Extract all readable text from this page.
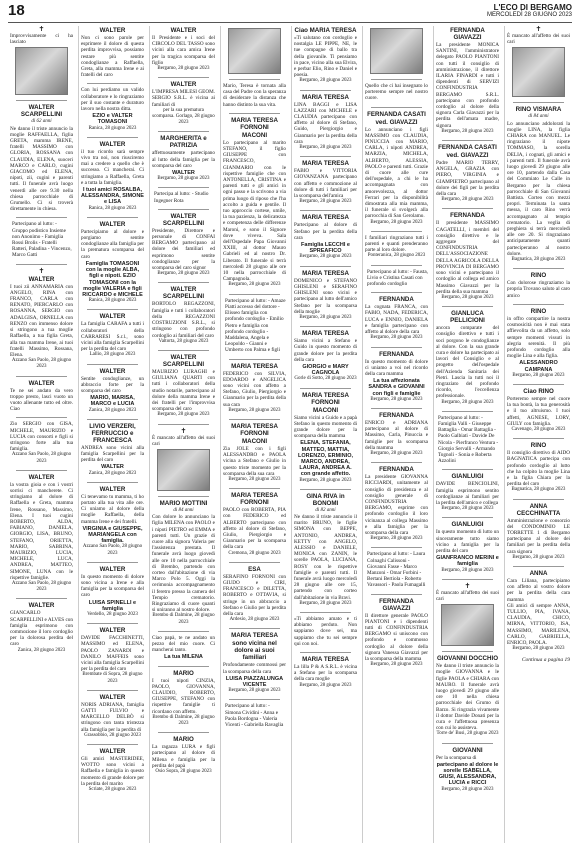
18	L'ECO DI BERGAMO
MERCOLEDÌ 28 GIUGNO 2023
✝
Improvvisamente ci ha lasciato
WALTER SCARPELLINI
di 62 anni
Ne danno il triste annuncio la moglie RAFFAELLA, figlia GRETA, mamma IRENE, fratelli MASSIMO con GLORIA, ROSSANA con CLAUDIA, ELENA, suoceri MARCO e CARLO, cugini GIACOMO ed ELENA, nipoti, zii, cugini e parenti tutti. Il funerale avrà luogo venerdì alle ore 9.30 nella chiesa parrocchiale di Grumello. Ci si troverà direttamente in chiesa.
Partecipano al lutto: - Gruppo podistico Insieme non Anonimo - Famiglia Rossi Brolis - Fratelli Ratteri, Paladina - Vincenzo, Marco Gatti
✝
WALTER
I tuoi zii ANNAMARIA con ANGELO, RINA con FRANCO, CARLA con RENATO, PIERCARLO con ROSANNA, SERGIO con ADALGISA, ORNELLA con RENZO con immenso dolore si stringono a tua moglie Raffaella, a tua figlia Greta, alla tua mamma Irene, ai tuoi fratelli Massimo, Rossana, Elena.
Azzano San Paolo, 28 giugno 2023
WALTER
Te ne sei andato da vero troppo presto, lasci vuoto un vuoto allenante tutto ed oltre. Ciao
Zio SERGIO con GISA, MICHELE, MAURIZIO e LUCIA con consorti e figli si stringono forte alla tua famiglia.
Azzano San Paolo, 28 giugno 2023
WALTER
la vostra gioia e con i vostri sorrisi ci mancherete. Ci stringiamo al dolore di Raffaella e Greta, mamma Irene, Rossano, Massimo, Elena. I tuoi cugini ROBERTO, ALDA, FABIANO, DANIELA, GIORGIO, LISA, BRUNO, STEFANO, ORIETTA, MARIO, SABRINA, MAURIZIO, LUCIA, MICHELE, LUCA, ANDREA, MATTEO, SIMONE, LUNA con le rispettive famiglie.
Azzano San Paolo, 28 giugno 2023
WALTER
GIANCARLO SCARPELLINI e ALVES con famiglia esprimono con commozione il loro cordoglio per la dolorosa perdita del caro
Zanica, 28 giugno 2023
WALTER
Non ci sono parole per esprimere il dolore di questa perdita improvvisa, possiamo restare più sentite condoglianze a Raffaella, Greta, alla mamma Irene e ai fratelli del caro
Con lui perdiamo un valido collaboratore e lo ringraziamo per il suo costante e duraturo lavoro nella nostra ditta.
EZIO e VALTER TOMASONI
Ranica, 28 giugno 2023
WALTER
il tuo ricordo sarà sempre vivo tra noi, non riusciremo mai a credere a quello che è successo. Ci mancherai. Ci stringiamo a Raffaella, Greta e a tutta la famiglia.
I tuoi amici ROSALBA, ALESSANDRA, SIMONE e LISA
Ranica, 28 giugno 2023
WALTER
Partecipiamo al dolore e porgiamo sentite condoglianze alla famiglia per la prematura scomparsa del caro
Famiglia TOMASONI con la moglie ALBA, figli e nipoti. EZIO TOMASONI con la moglie VALERIA e figli RICCARDO e MICHELE
Ranica, 28 giugno 2023
WALTER
La famiglia CARAFA a tutti i collaboratori della CARRARESI S.r.l., sono vicini alla famiglia Scarpellini per la perdita del caro
Lallio, 28 giugno 2023
WALTER
Sentite condoglianze, un abbraccio forte per la scomparsa del caro
MARIO, MARISA, MARCO e LUCIA
Zanica, 28 giugno 2023
LIVIO VERZERI, FERRUCCIO e FRANCESCA
ANDREA sono vicini alla famiglia Scarpellini per la perdita del caro
WALTER
Zanica, 28 giugno 2023
WALTER
Ci tenevamo tu mamma, ti ho portato alla tua vita alle ore. Ci uniamo al dolore della moglie Raffaella, della mamma Irene e dei fratelli.
VIRGINIA e GIUSEPPE, MARIANGELA con famiglia.
Azzano San Paolo, 28 giugno 2023
WALTER
In questo momento di dolore sono vicina a Irene e alla famiglia per la scomparsa del caro
LUISA SPINELLI e famiglia
Verdello, 28 giugno 2023
WALTER
DAVIDE FACCHINETTI, MASSIMO ed ELENA, PAOLO ZANARDI e DANILO MAFFEIS sono vicini alla famiglia Scarpellini per la perdita del caro
Brembate di Sopra, 28 giugno 2023
WALTER
NORIS ADRIANA, famiglia GATTI FULVIO e MARCELLO DELBÒ si stringono con tanta tristezza alla famiglia per la perdita di
Grassobbio, 28 giugno 2023
WALTER
Gli amici MASTERIDEE, WOTTO sono vicini a Raffaella e famiglia in questo momento di grande dolore per la perdita del marito
Scriate, 28 giugno 2023
WALTER
Il Presidente e i soci del CIRCOLO DEL TASSO sono vicini alla cara amica Irene per la tragica scomparsa del figlio
Bergamo, 28 giugno 2023
WALTER
L'IMPRESA MILESI GEOM. SERGIO S.R.L. è vicina ai familiari di
per la sua prematura scomparsa. Gorlago, 28 giugno 2023
MARGHERITA e PATRIZIA
affettuosamente partecipano al lutto della famiglia per la scomparsa del caro
WALTER
Bergamo, 28 giugno 2023
Partecipa al lutto: - Studio Ingegner Rota
WALTER SCARPELLINI
Presidente, Direttore e personale di CONFAI BERGAMO partecipano al dolore dei familiari ed esprimono sentite condoglianze per la scomparsa del caro signor
Bergamo, 28 giugno 2023
WALTER SCARPELLINI
BORTOLO REGAZZONI, famiglia e tutti i collaboratori della REGAZZONI COSTRUZIONI S.R.L., si stringono con profondo cordoglio ai familiari del caro
Valtorta, 28 giugno 2023
WALTER SCARPELLINI
MAURIZIO LURAGHI e GIULIANA QUARTI con tutti i collaboratori della studio notarile, partecipano al dolore della mamma Irene e dei fratelli per l'improvvisa scomparsa del caro
Bergamo, 28 giugno 2023
✝
È mancato all'affetto dei suoi cari
MARIO MOTTINI
di 84 anni
Con dolore lo annunciano la figlia MILENA con PAOLO e i nipoti PIETRO ed EMMA e parenti tutti. Un grazie di cuore alla signora Valeria per l'assistenza prestata. Il funerale avrà luogo giovedì alle ore 10 nella parrocchiale di Brembo, partendo con corteo dall'abitazione di via Marco Polo 5. Oggi la cerimonia accompagnamento il feretro presso la camera del Tempio crematorio. Ringraziamo di cuore quanti si uniranno al nostro dolore.
Brembo di Dalmine, 28 giugno 2023
Ciao papà, te ne andato un pezzo del mio cuore. Ci mancherai tanto.
La tua MILENA
MARIO
I tuoi nipoti CINZIA, PAOLO, GIOVANNA, CLAUDIO, ROBERTO, GIUSEPPE, STEFANO con rispettive famiglie ti ricordano con affetto.
Brembo di Dalmine, 28 giugno 2023
MARIO
La ragazza LURA e figli partecipano al dolore di Milena e famiglia per la perdita del papà
Osio Sopra, 28 giugno 2023
Mario, Teresa è tornata alla casa del Padre con la speranza di desiderare la distanza che hanno distinto la sua vita.
MARIA TERESA FORNONI
MACONI
Lo partecipano al marito STEFANO, il figlio GIUSEPPE con FRANCESCO, GIANMARIO con le rispettive famiglie che con ANTONELLA, CRISTINA e parenti tutti e gli amici in ogni passo e la scrivono a via prima luogo di riposo che l'ha accolto a guida e gentile. Il tuo approccio cortese, umile, la tua pazienza, la delicatezza e competenza delle differenze Maroni, e sono il Signore dove viveva. Sala dell'Ospedale Papa Giovanni XXIII, al dottor Mauro Gabrieli ed al nostro Dr. Liberato. Il funerale si terrà mercoledì 28 giugno alle ore 10 nella parrocchiale di Campagnola.
Bergamo, 28 giugno 2023
Partecipano al lutto: - Amaze Piatti accesso del dottore - Elisseo famiglia con profondo cordoglio - Emilio Pietro e famiglia con profondo cordoglio - Maddalena, Angela e Leopoldo - Gianni e Umberto con Palma e figli
MARIA TERESA
FEDERICO con SILVIA, EDOARDO e ANGELICA sono vicini con affetto a Stefano, Giulio, Piergiorgio e Gianmario per la perdita della sua cara
Bergamo, 28 giugno 2023
MARIA TERESA FORNONI
MACONI
Zia JOLE con i figli ALESSANDRO e PAOLA vicina a Stefano e Giulio in questo triste momento per la scomparsa della sua cara
Bergamo, 28 giugno 2023
MARIA TERESA FORNONI
PAOLO con ROBERTA, PIA con FEDERICO ed ALBERTO partecipano con affetto al dolore di Stefano, Giulio, Piergiorgio e Gianmario per la scomparsa della cara
Cremona, 28 giugno 2023
ESA
SERAFINO FORNONI con GIUDO e CIRI, FRANCESCO e DILETTA, ROBERTO e OTTAVIA, si stringe in un abbraccio a Stefano e Giulio per la perdita della cara
Ardesio, 28 giugno 2023
MARIA TERESA
sono vicina nel dolore ai suoi familiari
Profondamente commossi per la scomparsa della cara
LUISA PIAZZALUNGA VICENTE
Bergamo, 28 giugno 2023
Partecipano al lutto: - Simona Cividini - Anna e Paola Bordogna - Valeria Vicenti - Gabriella Ravaglia
Ciao MARIA TERESA
«Ti salutano con cordoglio e nostalgia LE PIPPE, NE, le tue compagne di ballo tra della giovanile. Ti pensiamo in pace, vicino alla sua Elvira, e perbar Elio, Rino e Daniel e poesia.
Bergamo, 28 giugno 2023
MARIA TERESA
LINA BAGGI e LISA LAZZARI con MICHELE e CLAUDIA partecipano con affetto al dolore di Stefano, Guido, Piergiorgio e Gianmario per la perdita della cara
Bergamo, 28 giugno 2023
MARIA TERESA
FABIO e VITTORIA GIOVANZANA partecipano con affetto e commozione al dolore di tutti i familiari per la scomparsa dell'amica
Bergamo, 28 giugno 2023
MARIA TERESA
Partecipano al dolore di Stefano per la perdita della cara
Famiglia LECCHI e SPREAFICO
Bergamo, 28 giugno 2023
MARIA TERESA
DOMENICO e STEFANO GHISLENI e SERAFINO GHISLENI sono vicini e partecipano al lutto dell'amico Stefano per la scomparsa della moglie
Bergamo, 28 giugno 2023
MARIA TERESA
Siamo vicini a Stefano e Guido in questo momento di grande dolore per la perdita della cara
GIORGIO e MARY CAGNOLA
Gorle di Sotto, 28 giugno 2023
MARIA TERESA FORNONI
MACONI
Siamo vicini a Guido e a papà Stefano in questo momento di grande dolore per la scomparsa della mamma
ELENA, STEFANIA, MATTEO, MATTIA, LORENZO, ERMINIO, MARCO, ANDREA, LAURA, ANDREA A. con grande affetto.
Bergamo, 28 giugno 2023
GINA RIVA in BONOMI
di 82 anni
Ne danno il triste annuncio il marito BRUNO, le figlie SIMONA con BEPPE, ANTONIO, ANDREA, KETTY con ANGELO, ALESSIO e DANIELE, MONICA con ZANIN, le sorelle PAOLA, LUCIANA, ROSY con le rispettive famiglie e parenti tutti. Il funerale avrà luogo mercoledì 28 giugno alle ore 15, partendo con corteo dall'abitazione in via Bravi.
Bergamo, 28 giugno 2023
«Ti abbiamo amato e ti abbiamo perduto. Non sappiamo dove sei, ma sappiamo che tu sei sempre qui con noi.
MARIA TERESA
La lilla P & A S.R.L. è vicina a Stefano per la scomparsa della cara moglie
Bergamo, 28 giugno 2023
Quello che ci hai insegnato lo porteremo sempre nel nostro cuore.
FERNANDA CASATI
ved. GIAVAZZI
Lo annunciano i figli MASSIMO con CLAUDIA, PINUCCIA con MARIO, CARLA, i nipoti ANDREA, MARZIA, MICHELA, ALBERTO, ALESSIA, PAOLO e parenti tutti. Grazie di cuore alle cure dell'ospedale, a chi le ha accompagnata con amorevolezza, al dottor Ferrari per la disponibilità dimostrata alla mia mamma, il funerale si svolgerà alla parrocchia di San Gerolamo.
Bergamo, 28 giugno 2023
I familiari ringraziano tutti i parenti e quanti prenderanno parte al loro dolore.
Ponteranica, 28 giugno 2023
Partecipano al lutto: - Fausta, Livio e Cristina Casati con profondo cordoglio
FERNANDA
La cognata FRANCA, con FABIO, NADA, FEDERICA, LUCA e ENNIO, DANIELA e famiglia partecipano con affetto al dolore della cara
Bergamo, 28 giugno 2023
FERNANDA
In questo momento di dolore ci uniamo a voi nel ricordo della cara mamma
La tua affezionata SANDRA e GIOVANNI con figli e famiglie
Bergamo, 28 giugno 2023
FERNANDA
ENRICO e ADRIANA partecipano al dolore di Massimo, Carla, Pinuccia e famiglie per la scomparsa della mamma
Bergamo, 28 giugno 2023
FERNANDA
La presidente GIOVANNA RICCIARDI, unitamente al consiglio di presidenza e al consiglio generale di CONFINDUSTRIA BERGAMO, esprime con profondo cordoglio il loro vicinanza al collega Massimo e alla famiglia per la scomparsa della cara
Bergamo, 28 giugno 2023
Partecipano al lutto: - Laura Colnaghi Calissoni - Giovanni Fasse - Marco Manzoni - Omar Forbini - Bertani Bertiola - Roberto Vavassori - Paola Fumagalli
FERNANDA GIAVAZZI
Il direttore generale PAOLO PIANTONI e i dipendenti tutti di CONFINDUSTRIA BERGAMO si uniscono con profondo e commosso cordoglio al dolore della signora Vanessa Giavazzi per la scomparsa della mamma
Bergamo, 28 giugno 2023
FERNANDA GIAVAZZI
La presidente MONICA SANTINI, l'amministratore delegato PAOLO PIANTONI con tutti il consiglio di amministrazione, il direttore ILARIA FINARDI e tutti i dipendenti di SERVIZI CONFINDUSTRIA BERGAMO S.R.L. partecipano con profondo cordoglio al dolore della signora Carla Giavazzi per la perdita dell'amata madre, signora
Bergamo, 28 giugno 2023
FERNANDA CASATI
ved. GIAVAZZI
Padre MARIO TERRY, ANGELA, GRAZIA con PIERO, VIRGINIA e GIAMPIETRO partecipano al dolore dei figli per la perdita della cara
Bergamo, 28 giugno 2023
FERNANDA
Il presidente MASSIMO CAGATELLI, i membri del consiglio direttivo e le aggregate del CONFINDUSTRIA DELL'ASSOCIAZIONE DELLA AGRICOLA DELLA PROVINCIA DI BERGAMO sono vicini e partecipano il cordoglio al collega ed amico Massimo Giavazzi per la perdita della sua mamma
Bergamo, 28 giugno 2023
GIANLUCA PELLICIONI
ancora comparate del consiglio direttivo e tutti i soci porgono le condoglianze al dolore. Con la sua grande cura e dolore ha partecipato ai lavori del Consiglio e al progetto dell'ospedale dell'Azienda Sanitaria dei Pietri. Lascia la tutti noi il ringraziato del profondo ricordo, l'eccellenza professionale.
Bergamo, 28 giugno 2023
Partecipano al lutto: - Famiglia Valli - Giuseppe Battaglia - Omar Battaglia - Paolo Galbiati - Davide De Nicola - Pierfranco Ventura - Giorgio Servalli - Armando Tognoli - Sonia e Roberta Azzolini
GIANLUIGI
DAVIDE BENCIOLINI, famiglia esprimono sentito cordoglianze ai familiari per la perdita dell'amico e collega
Bergamo, 28 giugno 2023
GIANLUIGI
In questo momento di lutto un sinceramente tutto siamo vicino a famiglia per la perdita del caro
GIANFRANCO MERINI e famiglia
Bergamo, 28 giugno 2023
✝
È mancato all'affetto dei suoi cari
GIOVANNI DOCCHIO
Ne danno il triste annuncio la moglie GIOVANNA e le figlie PAOLA e CHIARA con MAURO. Il funerale avrà luogo giovedì 29 giugno alle ore 10 nella chiesa parrocchiale dei Grumo di Barzo. Si ringrazia vivamente il dottor Davide Donati per la cura e l'affettuosa presenza con cui lo assisteva.
Torre de' Busi, 28 giugno 2023
GIOVANNI
Per la scomparsa di
partecipano al dolore le sorelle ISABELLA, GIUSI, ALESSANDRA, LUCIA e RICCI
Bergamo, 28 giugno 2023
✝
È mancato all'affetto dei suoi cari
RINO VISMARA
di 84 anni
Lo annunciano addolorati la moglie LINA, la figlia CHIARA con MANUEL. Le ringraziano il nipote TOMMASO, la sorella DELIA, i cognati, gli amici e i parenti tutti. Il funerale avrà luogo giovedì 29 giugno alle ore 10, partendo dalla Casa del Commiato Le Calle in Bergamo per la chiesa parrocchiale di San Giovanni Battista. Corteo con mezzi propri. Terminata la santa messa, il caro Rino verrà accompagnato al tempio crematorio. La veglia di preghiera si terrà mercoledì alle ore 20. Si ringraziano anticipatamente quanti parteciperanno al nostro dolore.
Bagnatica, 28 giugno 2023
RINO
Con dolorose ringraziamo la propria Trovano saluto al caro amico
RINO
in offro compartire la nostra cosmosicità non è mai stata affievolita da un affetto, solo sempre momenti vissuti in alegria serenità. Il più profondo cordoglio alla moglie Lina e alla figlia.
ALESSANDRO CAMPANA
Bergamo, 28 giugno 2023
Ciao RINO
Porteremo sempre nel cuore la tua bontà, la tua generosità e il tuo altruismo. I tuoi affetti, AGNESE, LORY, GIULY con famiglia.
Cavenago, 28 giugno 2023
RINO
Il consiglio direttivo di AIDO BAGNATICA partecipa con profondo cordoglio al lutto che ha colpito la moglie Lina e la figlia Chiara per la perdita del caro
Bagnatica, 28 giugno 2023
ANNA CECCHINATTA
Amministrazione e consorzio del CONDOMINIO LE TORRETTE 1 di Bergamo partecipano al dolore dei familiari per la perdita della cara signora
Bergamo, 28 giugno 2023
ANNA
Cara Liliana, partecipiamo con affetto al vostro dolore per la perdita della cara mamma
Gli amici di sempre ANNA, TULLIO, PIA, IVANA, CLAUDIA, CHICO, MIRNA, VITTORIO, ISA, MASSIMO, MARILENA, CARLO, GABRIELLA, ENRICO, PAOLA.
Bergamo, 28 giugno 2023
Continua a pagina 19
